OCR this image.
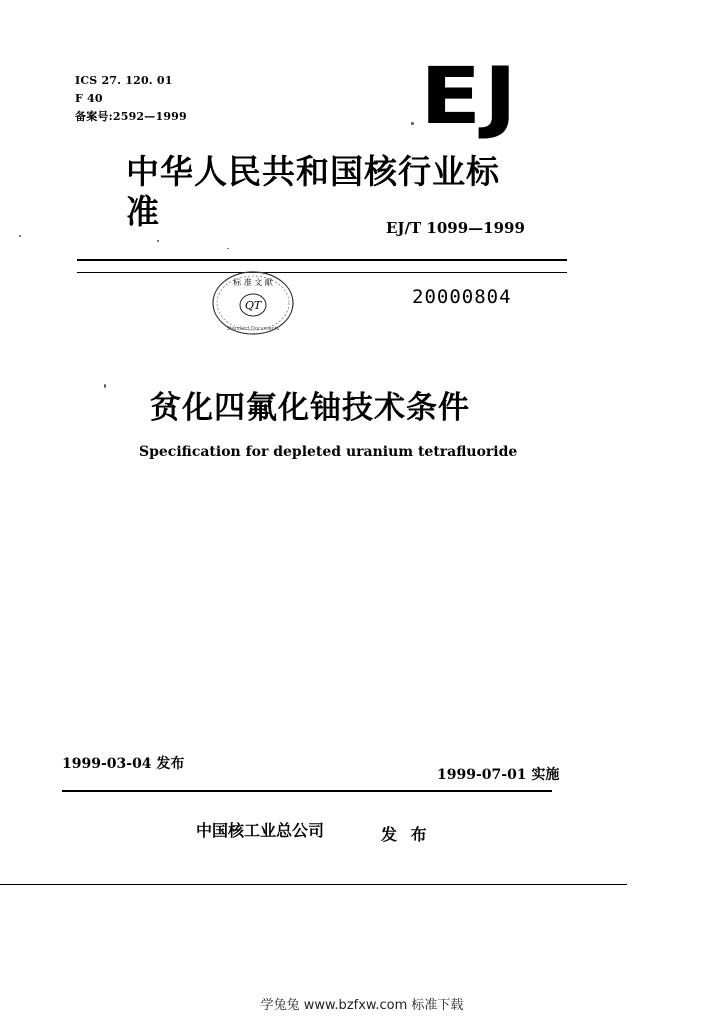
ICS 27. 120. 01
F 40
备案号:2592—1999	EJ
中华人民共和国核行业标准	EJ/T 1099—1999
QT
标 准 文 献
Standard Documents
20000804
贫化四氟化铀技术条件
Specification for depleted uranium tetrafluoride
1999-03-04 发布
1999-07-01 实施
中国核工业总公司	发 布
学兔兔 www.bzfxw.com 标准下载
